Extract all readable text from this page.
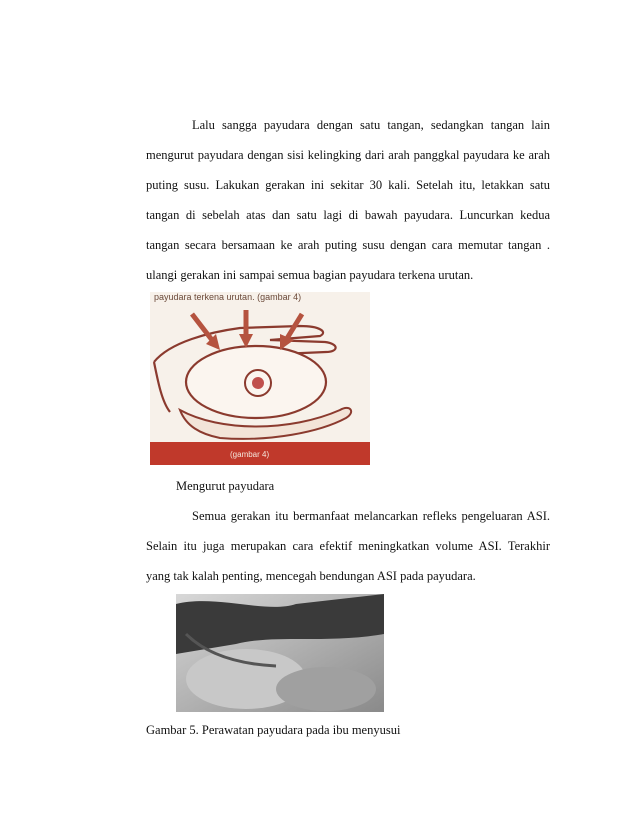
Lalu sangga payudara dengan satu tangan, sedangkan tangan lain
mengurut payudara dengan sisi kelingking dari arah panggkal payudara ke arah
puting susu. Lakukan gerakan ini sekitar 30 kali. Setelah itu, letakkan satu
tangan di sebelah atas dan satu lagi di bawah payudara. Luncurkan kedua
tangan secara bersamaan ke arah puting susu dengan cara memutar tangan .
ulangi gerakan ini sampai semua bagian payudara terkena urutan.

payudara terkena urutan. (gambar 4)
(gambar 4)
Mengurut payudara

Semua gerakan itu bermanfaat melancarkan refleks pengeluaran ASI.
Selain itu juga merupakan cara efektif meningkatkan volume ASI. Terakhir
yang tak kalah penting, mencegah bendungan ASI pada payudara.

Gambar 5. Perawatan payudara pada ibu menyusui
